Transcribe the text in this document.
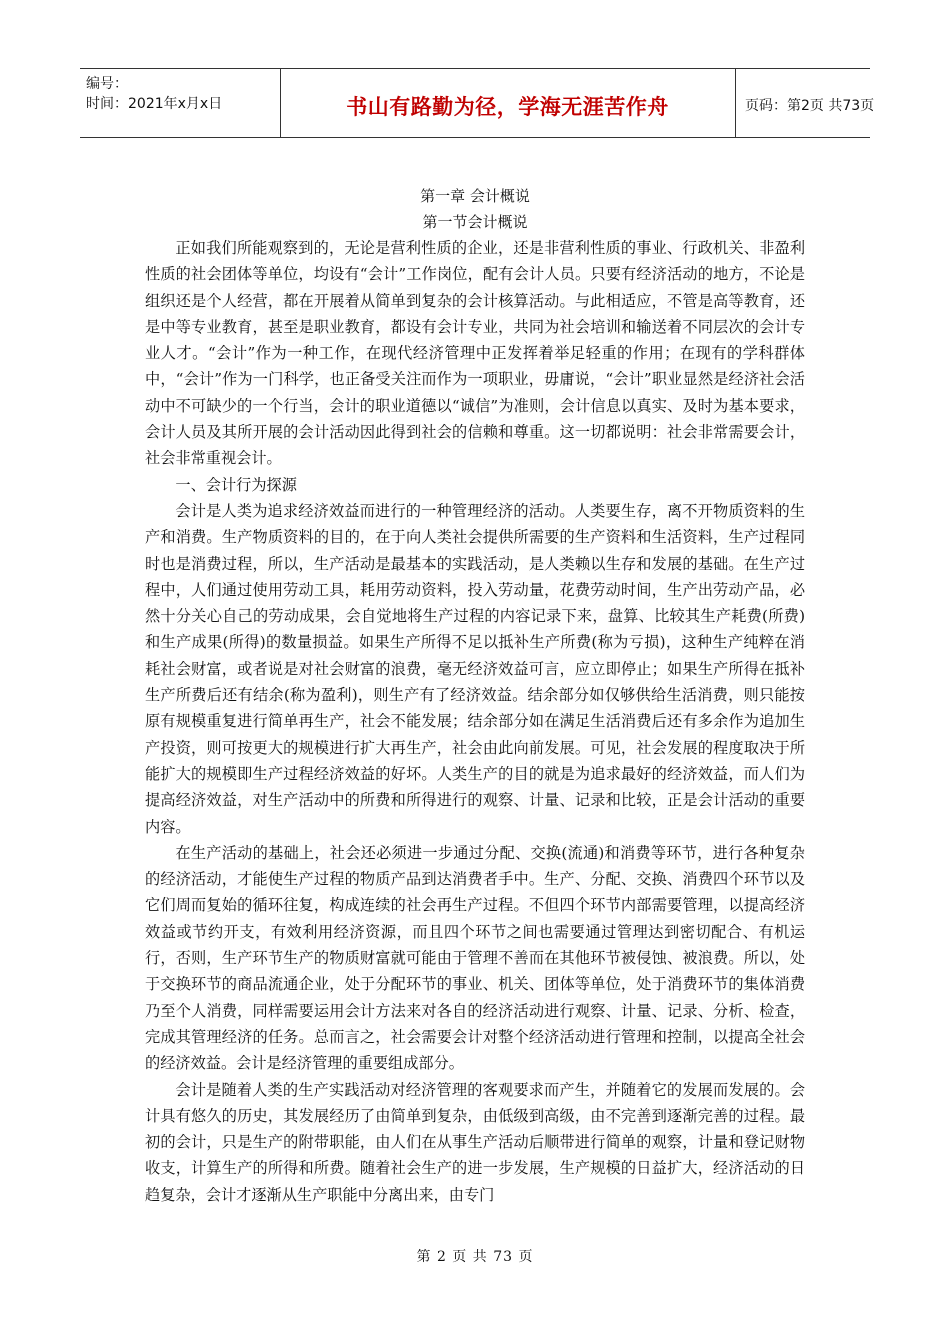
编号：
时间：2021年x月x日	书山有路勤为径，学海无涯苦作舟	页码：第2页 共73页
第一章 会计概说
第一节会计概说

正如我们所能观察到的，无论是营利性质的企业，还是非营利性质的事业、行政机关、非盈利性质的社会团体等单位，均设有“会计”工作岗位，配有会计人员。只要有经济活动的地方，不论是组织还是个人经营，都在开展着从简单到复杂的会计核算活动。与此相适应，不管是高等教育，还是中等专业教育，甚至是职业教育，都设有会计专业，共同为社会培训和输送着不同层次的会计专业人才。“会计”作为一种工作，在现代经济管理中正发挥着举足轻重的作用；在现有的学科群体中，“会计”作为一门科学，也正备受关注而作为一项职业，毋庸说，“会计”职业显然是经济社会活动中不可缺少的一个行当，会计的职业道德以“诚信”为准则，会计信息以真实、及时为基本要求，会计人员及其所开展的会计活动因此得到社会的信赖和尊重。这一切都说明：社会非常需要会计，社会非常重视会计。

一、会计行为探源

会计是人类为追求经济效益而进行的一种管理经济的活动。人类要生存，离不开物质资料的生产和消费。生产物质资料的目的，在于向人类社会提供所需要的生产资料和生活资料，生产过程同时也是消费过程，所以，生产活动是最基本的实践活动，是人类赖以生存和发展的基础。在生产过程中，人们通过使用劳动工具，耗用劳动资料，投入劳动量，花费劳动时间，生产出劳动产品，必然十分关心自己的劳动成果，会自觉地将生产过程的内容记录下来，盘算、比较其生产耗费(所费)和生产成果(所得)的数量损益。如果生产所得不足以抵补生产所费(称为亏损)，这种生产纯粹在消耗社会财富，或者说是对社会财富的浪费，毫无经济效益可言，应立即停止；如果生产所得在抵补生产所费后还有结余(称为盈利)，则生产有了经济效益。结余部分如仅够供给生活消费，则只能按原有规模重复进行简单再生产，社会不能发展；结余部分如在满足生活消费后还有多余作为追加生产投资，则可按更大的规模进行扩大再生产，社会由此向前发展。可见，社会发展的程度取决于所能扩大的规模即生产过程经济效益的好坏。人类生产的目的就是为追求最好的经济效益，而人们为提高经济效益，对生产活动中的所费和所得进行的观察、计量、记录和比较，正是会计活动的重要内容。

在生产活动的基础上，社会还必须进一步通过分配、交换(流通)和消费等环节，进行各种复杂的经济活动，才能使生产过程的物质产品到达消费者手中。生产、分配、交换、消费四个环节以及它们周而复始的循环往复，构成连续的社会再生产过程。不但四个环节内部需要管理，以提高经济效益或节约开支，有效利用经济资源，而且四个环节之间也需要通过管理达到密切配合、有机运行，否则，生产环节生产的物质财富就可能由于管理不善而在其他环节被侵蚀、被浪费。所以，处于交换环节的商品流通企业，处于分配环节的事业、机关、团体等单位，处于消费环节的集体消费乃至个人消费，同样需要运用会计方法来对各自的经济活动进行观察、计量、记录、分析、检查，完成其管理经济的任务。总而言之，社会需要会计对整个经济活动进行管理和控制，以提高全社会的经济效益。会计是经济管理的重要组成部分。

会计是随着人类的生产实践活动对经济管理的客观要求而产生，并随着它的发展而发展的。会计具有悠久的历史，其发展经历了由简单到复杂，由低级到高级，由不完善到逐渐完善的过程。最初的会计，只是生产的附带职能，由人们在从事生产活动后顺带进行简单的观察，计量和登记财物收支，计算生产的所得和所费。随着社会生产的进一步发展，生产规模的日益扩大，经济活动的日趋复杂，会计才逐渐从生产职能中分离出来，由专门

第 2 页 共 73 页
